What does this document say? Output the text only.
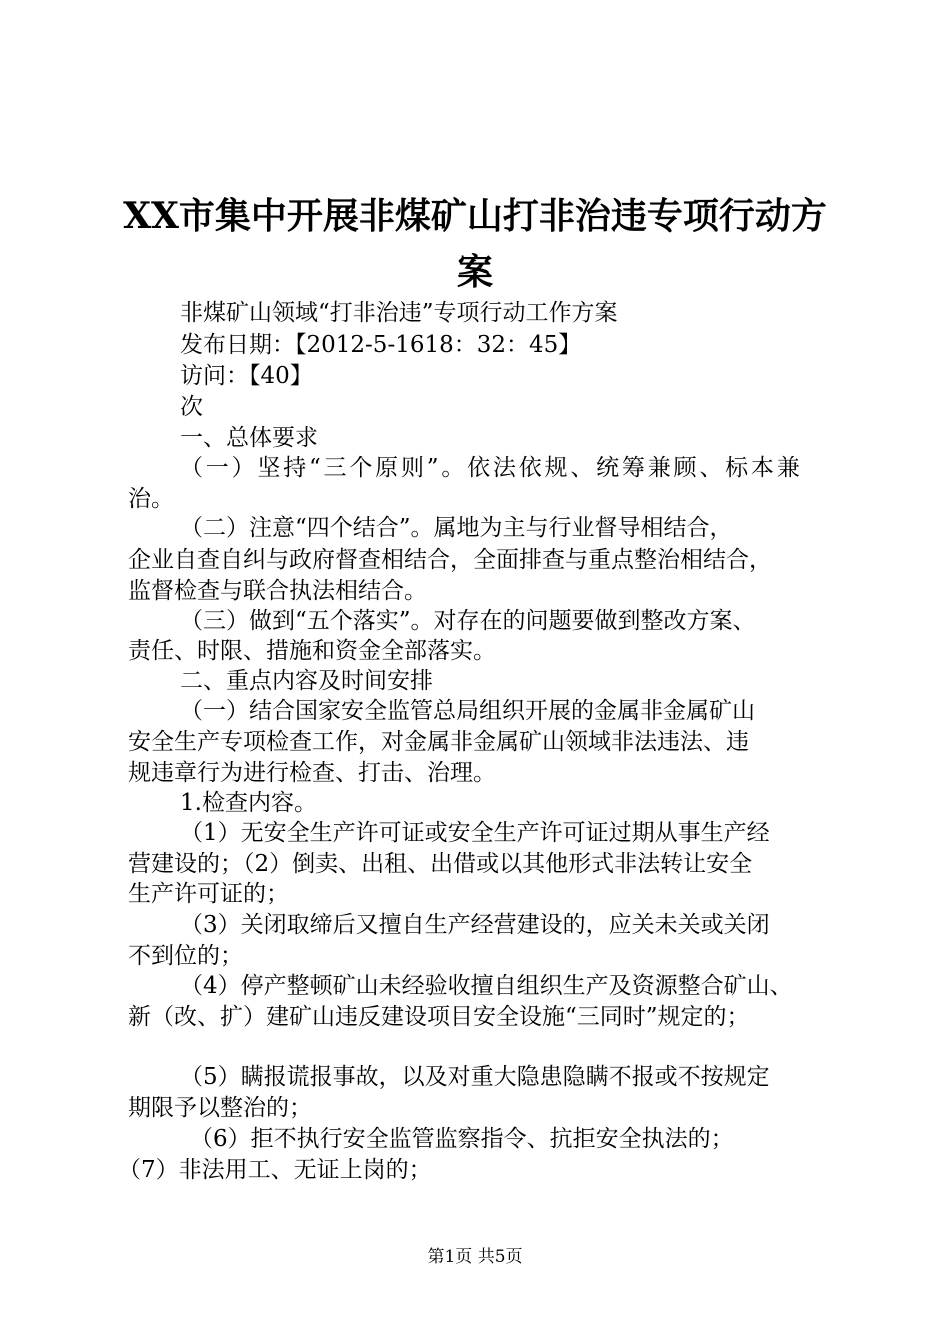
XX市集中开展非煤矿山打非治违专项行动方
案
非煤矿山领域“打非治违”专项行动工作方案
发布日期：【2012-5-1618：32：45】
访问：【40】
次
一、总体要求
（一）坚持“三个原则”。依法依规、统筹兼顾、标本兼
治。
（二）注意“四个结合”。属地为主与行业督导相结合，
企业自查自纠与政府督查相结合，全面排查与重点整治相结合，
监督检查与联合执法相结合。
（三）做到“五个落实”。对存在的问题要做到整改方案、
责任、时限、措施和资金全部落实。
二、重点内容及时间安排
（一）结合国家安全监管总局组织开展的金属非金属矿山
安全生产专项检查工作，对金属非金属矿山领域非法违法、违
规违章行为进行检查、打击、治理。
1.检查内容。
（1）无安全生产许可证或安全生产许可证过期从事生产经
营建设的；（2）倒卖、出租、出借或以其他形式非法转让安全
生产许可证的；
（3）关闭取缔后又擅自生产经营建设的，应关未关或关闭
不到位的；
（4）停产整顿矿山未经验收擅自组织生产及资源整合矿山、
新（改、扩）建矿山违反建设项目安全设施“三同时”规定的；
（5）瞒报谎报事故，以及对重大隐患隐瞒不报或不按规定
期限予以整治的；
（6）拒不执行安全监管监察指令、抗拒安全执法的；
（7）非法用工、无证上岗的；
第1页 共5页
